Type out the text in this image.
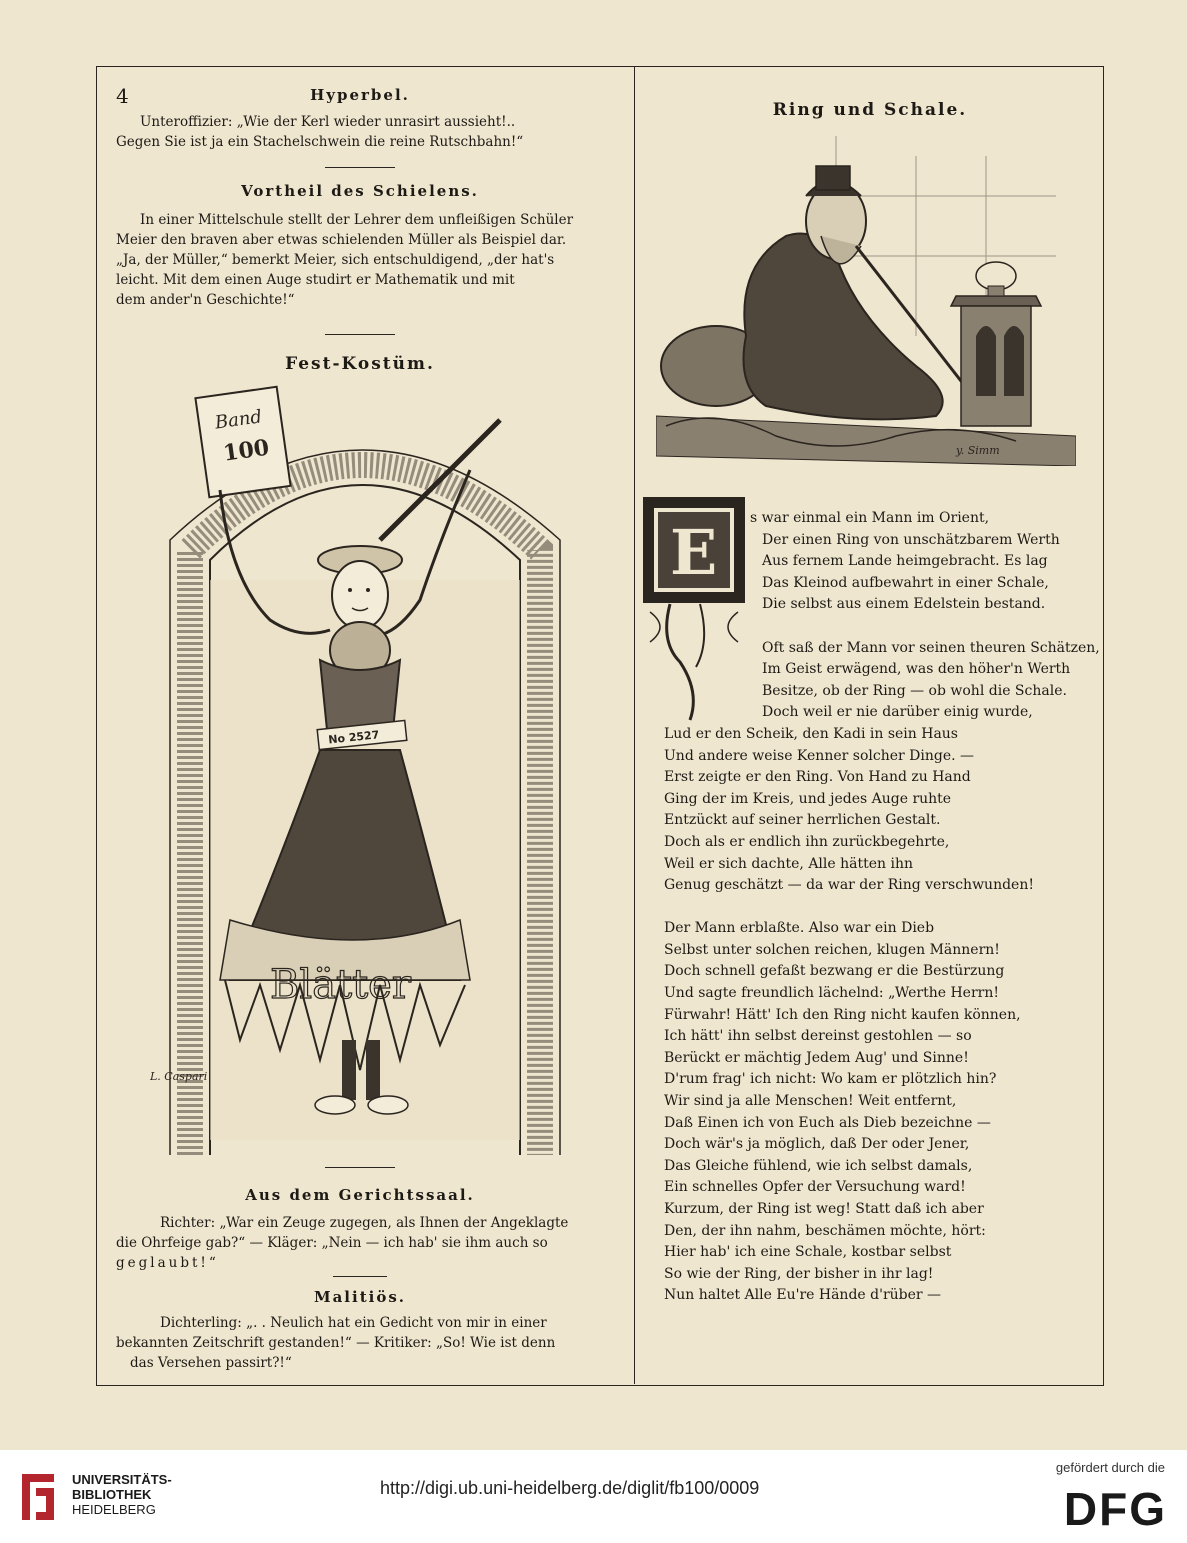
4	Hyperbel.
Unteroffizier: „Wie der Kerl wieder unrasirt aussieht!..
Gegen Sie ist ja ein Stachelschwein die reine Rutschbahn!“
Vortheil des Schielens.
In einer Mittelschule stellt der Lehrer dem unfleißigen Schüler
Meier den braven aber etwas schielenden Müller als Beispiel dar.
„Ja, der Müller,“ bemerkt Meier, sich entschuldigend, „der hat's
leicht. Mit dem einen Auge studirt er Mathematik und mit
dem ander'n Geschichte!“
Fest-Kostüm.
Band
100
No 2527
Blätter
L. Caspari
Aus dem Gerichtssaal.
Richter: „War ein Zeuge zugegen, als Ihnen der Angeklagte
die Ohrfeige gab?“ — Kläger: „Nein — ich hab' sie ihm auch so
geglaubt!“
Malitiös.
Dichterling: „. . Neulich hat ein Gedicht von mir in einer
bekannten Zeitschrift gestanden!“ — Kritiker: „So! Wie ist denn
das Versehen passirt?!“
Ring und Schale.
y. Simm
E s war einmal ein Mann im Orient,
Der einen Ring von unschätzbarem Werth
Aus fernem Lande heimgebracht. Es lag
Das Kleinod aufbewahrt in einer Schale,
Die selbst aus einem Edelstein bestand.
Oft saß der Mann vor seinen theuren Schätzen,
Im Geist erwägend, was den höher'n Werth
Besitze, ob der Ring — ob wohl die Schale.
Doch weil er nie darüber einig wurde,
Lud er den Scheik, den Kadi in sein Haus
Und andere weise Kenner solcher Dinge. —
Erst zeigte er den Ring. Von Hand zu Hand
Ging der im Kreis, und jedes Auge ruhte
Entzückt auf seiner herrlichen Gestalt.
Doch als er endlich ihn zurückbegehrte,
Weil er sich dachte, Alle hätten ihn
Genug geschätzt — da war der Ring verschwunden!
Der Mann erblaßte. Also war ein Dieb
Selbst unter solchen reichen, klugen Männern!
Doch schnell gefaßt bezwang er die Bestürzung
Und sagte freundlich lächelnd: „Werthe Herrn!
Fürwahr! Hätt' Ich den Ring nicht kaufen können,
Ich hätt' ihn selbst dereinst gestohlen — so
Berückt er mächtig Jedem Aug' und Sinne!
D'rum frag' ich nicht: Wo kam er plötzlich hin?
Wir sind ja alle Menschen! Weit entfernt,
Daß Einen ich von Euch als Dieb bezeichne —
Doch wär's ja möglich, daß Der oder Jener,
Das Gleiche fühlend, wie ich selbst damals,
Ein schnelles Opfer der Versuchung ward!
Kurzum, der Ring ist weg! Statt daß ich aber
Den, der ihn nahm, beschämen möchte, hört:
Hier hab' ich eine Schale, kostbar selbst
So wie der Ring, der bisher in ihr lag!
Nun haltet Alle Eu're Hände d'rüber —
UNIVERSITÄTS-
BIBLIOTHEK
HEIDELBERG
http://digi.ub.uni-heidelberg.de/diglit/fb100/0009
gefördert durch die
DFG
